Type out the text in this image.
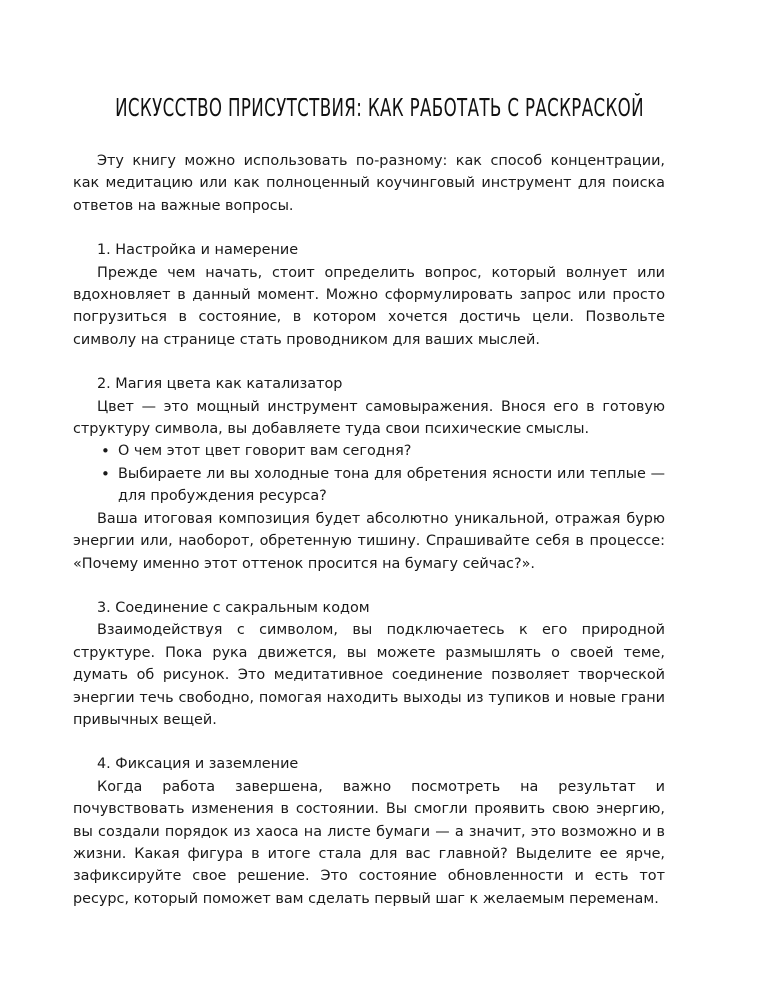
ИСКУССТВО ПРИСУТСТВИЯ: КАК РАБОТАТЬ С РАСКРАСКОЙ

Эту книгу можно использовать по-разному: как способ концентрации, как медитацию или как полноценный коучинговый инструмент для поиска ответов на важные вопросы.

1. Настройка и намерение

Прежде чем начать, стоит определить вопрос, который волнует или вдохновляет в данный момент. Можно сформулировать запрос или просто погрузиться в состояние, в котором хочется достичь цели. Позвольте символу на странице стать проводником для ваших мыслей.

2. Магия цвета как катализатор

Цвет — это мощный инструмент самовыражения. Внося его в готовую структуру символа, вы добавляете туда свои психические смыслы.

• О чем этот цвет говорит вам сегодня?
• Выбираете ли вы холодные тона для обретения ясности или теплые — для пробуждения ресурса?

Ваша итоговая композиция будет абсолютно уникальной, отражая бурю энергии или, наоборот, обретенную тишину. Спрашивайте себя в процессе: «Почему именно этот оттенок просится на бумагу сейчас?».

3. Соединение с сакральным кодом

Взаимодействуя с символом, вы подключаетесь к его природной структуре. Пока рука движется, вы можете размышлять о своей теме, думать об рисунок. Это медитативное соединение позволяет творческой энергии течь свободно, помогая находить выходы из тупиков и новые грани привычных вещей.

4. Фиксация и заземление

Когда работа завершена, важно посмотреть на результат и почувствовать изменения в состоянии. Вы смогли проявить свою энергию, вы создали порядок из хаоса на листе бумаги — а значит, это возможно и в жизни. Какая фигура в итоге стала для вас главной? Выделите ее ярче, зафиксируйте свое решение. Это состояние обновленности и есть тот ресурс, который поможет вам сделать первый шаг к желаемым переменам.
